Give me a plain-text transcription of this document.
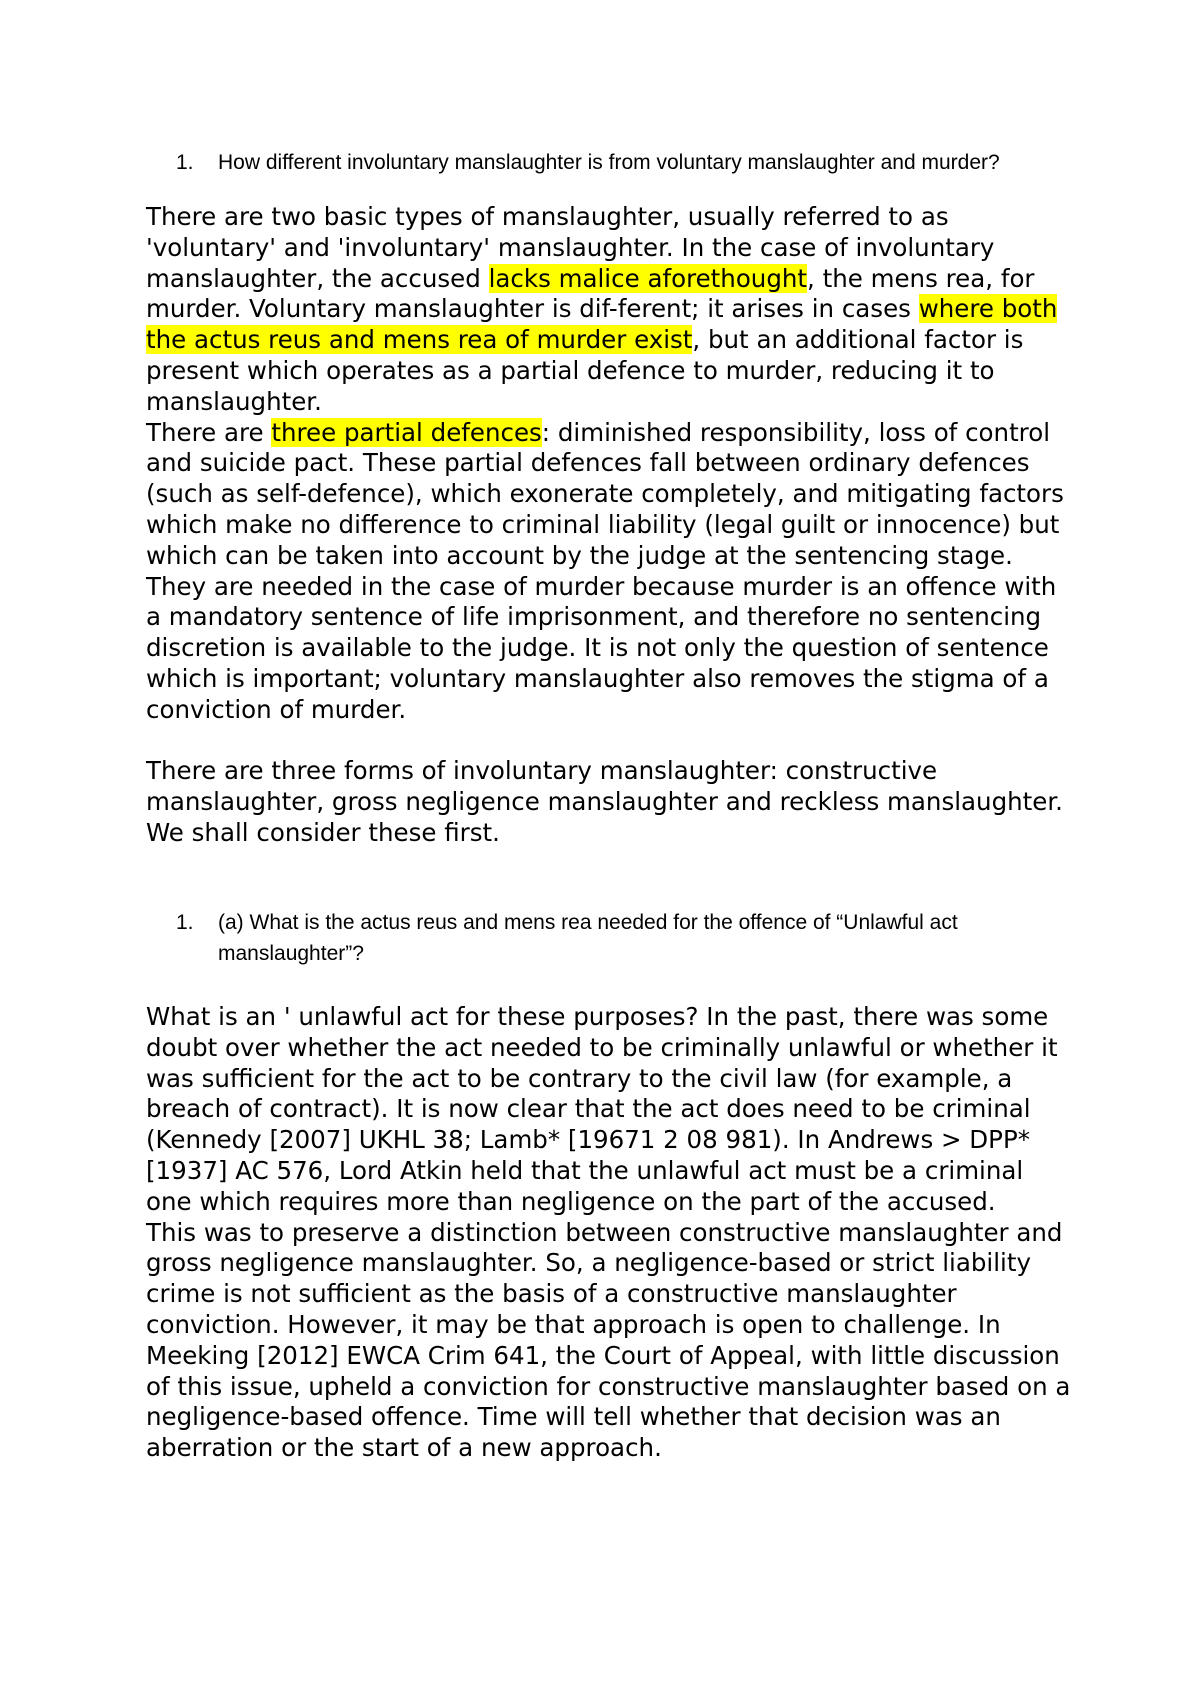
1. How different involuntary manslaughter is from voluntary manslaughter and murder?

There are two basic types of manslaughter, usually referred to as 'voluntary' and 'involuntary' manslaughter. In the case of involuntary manslaughter, the accused lacks malice aforethought, the mens rea, for murder. Voluntary manslaughter is dif-ferent; it arises in cases where both the actus reus and mens rea of murder exist, but an additional factor is present which operates as a partial defence to murder, reducing it to manslaughter.

There are three partial defences: diminished responsibility, loss of control and suicide pact. These partial defences fall between ordinary defences (such as self-defence), which exonerate completely, and mitigating factors which make no difference to criminal liability (legal guilt or innocence) but which can be taken into account by the judge at the sentencing stage. They are needed in the case of murder because murder is an offence with a mandatory sentence of life imprisonment, and therefore no sentencing discretion is available to the judge. It is not only the question of sentence which is important; voluntary manslaughter also removes the stigma of a conviction of murder.

There are three forms of involuntary manslaughter: constructive manslaughter, gross negligence manslaughter and reckless manslaughter. We shall consider these first.

1. (a) What is the actus reus and mens rea needed for the offence of “Unlawful act manslaughter”?

What is an ' unlawful act for these purposes? In the past, there was some doubt over whether the act needed to be criminally unlawful or whether it was sufficient for the act to be contrary to the civil law (for example, a breach of contract). It is now clear that the act does need to be criminal (Kennedy [2007] UKHL 38; Lamb* [19671 2 08 981). In Andrews > DPP* [1937] AC 576, Lord Atkin held that the unlawful act must be a criminal one which requires more than negligence on the part of the accused.

This was to preserve a distinction between constructive manslaughter and gross negligence manslaughter. So, a negligence-based or strict liability crime is not sufficient as the basis of a constructive manslaughter conviction. However, it may be that approach is open to challenge. In Meeking [2012] EWCA Crim 641, the Court of Appeal, with little discussion of this issue, upheld a conviction for constructive manslaughter based on a negligence-based offence. Time will tell whether that decision was an aberration or the start of a new approach.
